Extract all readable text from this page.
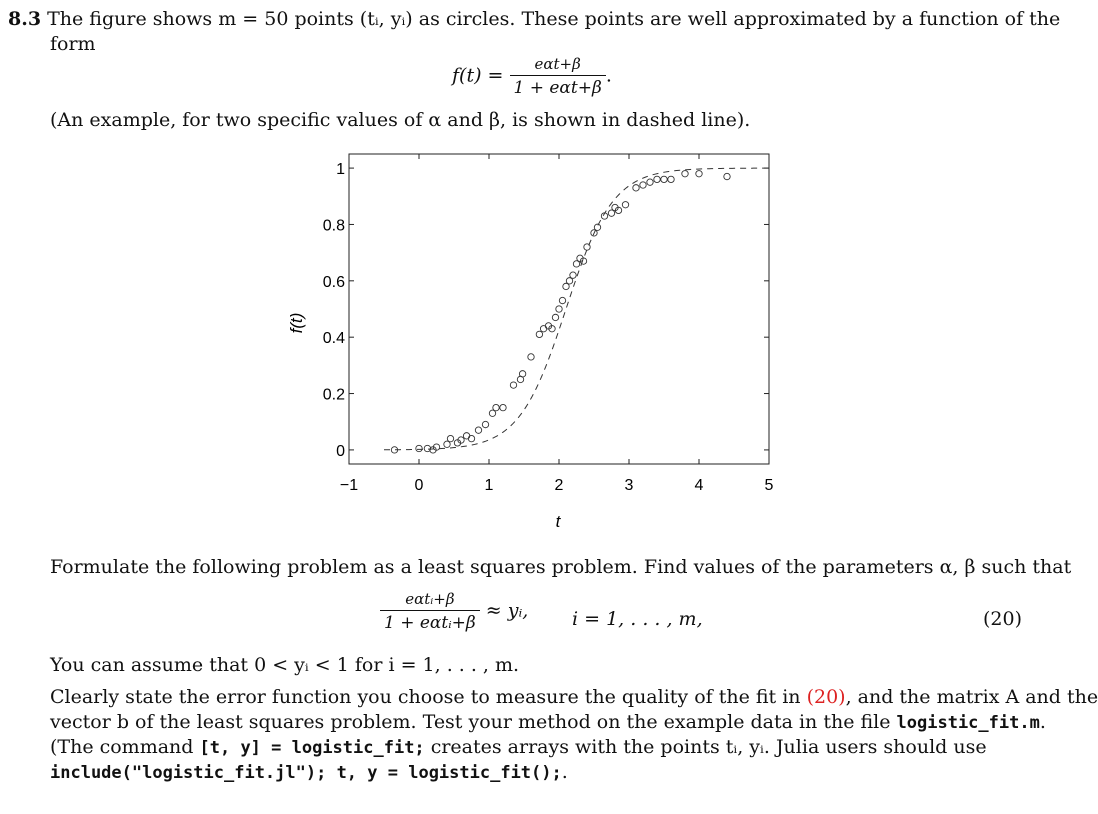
8.3 The figure shows m = 50 points (tᵢ, yᵢ) as circles. These points are well approximated by a function of the
form
$f(t) = \frac{\text{eαt+β}}{\text{1 + eαt+β}}$ .
(An example, for two specific values of α and β, is shown in dashed line).
0
0.2
0.4
0.6
0.8
1
−1	0	1	2	3	4	5
t
f(t)
Formulate the following problem as a least squares problem. Find values of the parameters α, β such that
$\frac{\text{eαtᵢ+β}}{\text{1 + eαtᵢ+β}}$ ≈ yᵢ, i = 1, . . . , m,	(20)
You can assume that 0 < yᵢ < 1 for i = 1, . . . , m.
Clearly state the error function you choose to measure the quality of the fit in (20), and the matrix A and the
vector b of the least squares problem. Test your method on the example data in the file logistic_fit.m.
(The command [t, y] = logistic_fit; creates arrays with the points tᵢ, yᵢ. Julia users should use
include("logistic_fit.jl"); t, y = logistic_fit();.
